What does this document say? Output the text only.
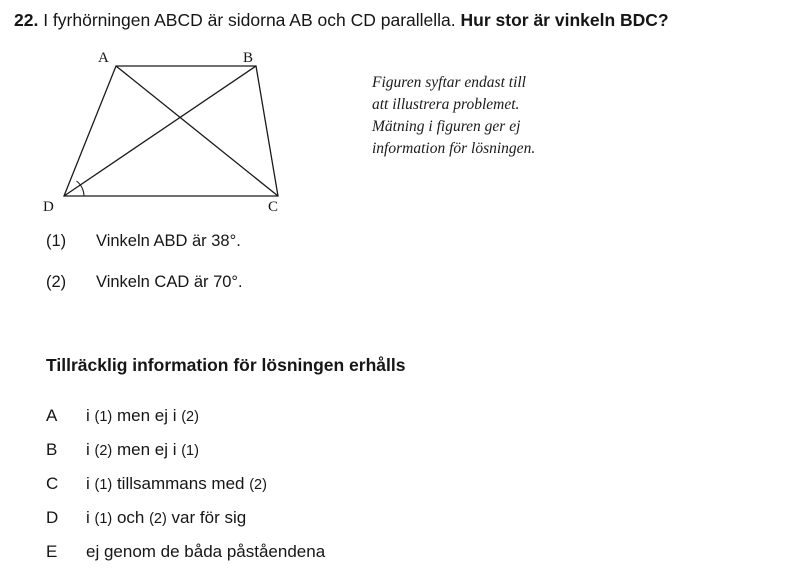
22. I fyrhörningen ABCD är sidorna AB och CD parallella. Hur stor är vinkeln BDC?
A	B
C
D
Figuren syftar endast till
att illustrera problemet.
Mätning i figuren ger ej
information för lösningen.
(1)	Vinkeln ABD är 38°.
(2)	Vinkeln CAD är 70°.
Tillräcklig information för lösningen erhålls
A	i (1) men ej i (2)
B	i (2) men ej i (1)
C	i (1) tillsammans med (2)
D	i (1) och (2) var för sig
E	ej genom de båda påståendena
